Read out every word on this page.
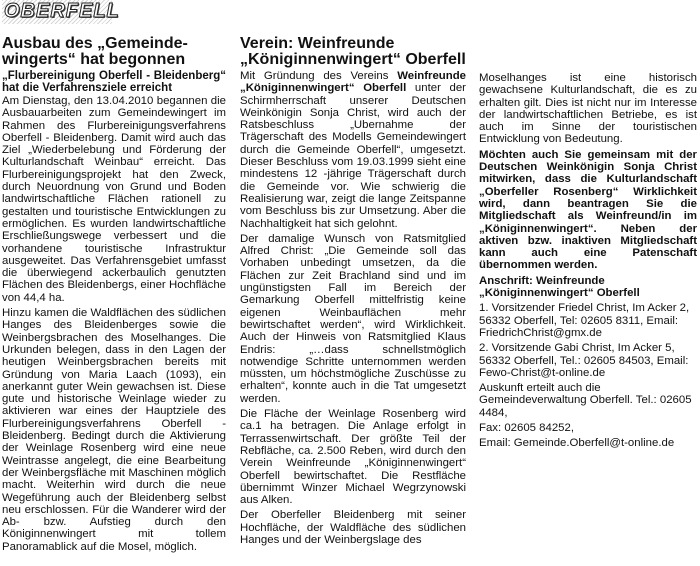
OBERFELL
Ausbau des „Gemeinde-wingerts“ hat begonnen
„Flurbereinigung Oberfell - Bleidenberg“ hat die Verfahrensziele erreicht

Am Dienstag, den 13.04.2010 begannen die Ausbauarbeiten zum Gemeindewingert im Rahmen des Flurbereinigungsverfahrens Oberfell - Bleidenberg. Damit wird auch das Ziel „Wiederbelebung und Förderung der Kulturlandschaft Weinbau“ erreicht. Das Flurbereinigungsprojekt hat den Zweck, durch Neuordnung von Grund und Boden landwirtschaftliche Flächen rationell zu gestalten und touristische Entwicklungen zu ermöglichen. Es wurden landwirtschaftliche Erschließungswege verbessert und die vorhandene touristische Infrastruktur ausgeweitet. Das Verfahrensgebiet umfasst die überwiegend ackerbaulich genutzten Flächen des Bleidenbergs, einer Hochfläche von 44,4 ha.

Hinzu kamen die Waldflächen des südlichen Hanges des Bleidenberges sowie die Weinbergsbrachen des Moselhanges. Die Urkunden belegen, dass in den Lagen der heutigen Weinbergsbrachen bereits mit Gründung von Maria Laach (1093), ein anerkannt guter Wein gewachsen ist. Diese gute und historische Weinlage wieder zu aktivieren war eines der Hauptziele des Flurbereinigungsverfahrens Oberfell - Bleidenberg. Bedingt durch die Aktivierung der Weinlage Rosenberg wird eine neue Weintrasse angelegt, die eine Bearbeitung der Weinbergsfläche mit Maschinen möglich macht. Weiterhin wird durch die neue Wegeführung auch der Bleidenberg selbst neu erschlossen. Für die Wanderer wird der Ab- bzw. Aufstieg durch den Königinnenwingert mit tollem Panoramablick auf die Mosel, möglich.

Verein: Weinfreunde „Königinnenwingert“ Oberfell

Mit Gründung des Vereins Weinfreunde „Königinnenwingert“ Oberfell unter der Schirmherrschaft unserer Deutschen Weinkönigin Sonja Christ, wird auch der Ratsbeschluss „Ubernahme der Trägerschaft des Modells Gemeindewingert durch die Gemeinde Oberfell“, umgesetzt. Dieser Beschluss vom 19.03.1999 sieht eine mindestens 12 -jährige Trägerschaft durch die Gemeinde vor. Wie schwierig die Realisierung war, zeigt die lange Zeitspanne vom Beschluss bis zur Umsetzung. Aber die Nachhaltigkeit hat sich gelohnt.

Der damalige Wunsch von Ratsmitglied Alfred Christ: „Die Gemeinde soll das Vorhaben unbedingt umsetzen, da die Flächen zur Zeit Brachland sind und im ungünstigsten Fall im Bereich der Gemarkung Oberfell mittelfristig keine eigenen Weinbauflächen mehr bewirtschaftet werden“, wird Wirklichkeit. Auch der Hinweis von Ratsmitglied Klaus Endris: „…dass schnellstmöglich notwendige Schritte unternommen werden müssten, um höchstmögliche Zuschüsse zu erhalten“, konnte auch in die Tat umgesetzt werden.

Die Fläche der Weinlage Rosenberg wird ca.1 ha betragen. Die Anlage erfolgt in Terrassenwirtschaft. Der größte Teil der Rebfläche, ca. 2.500 Reben, wird durch den Verein Weinfreunde „Königinnenwingert“ Oberfell bewirtschaftet. Die Restfläche übernimmt Winzer Michael Wegrzynowski aus Alken.

Der Oberfeller Bleidenberg mit seiner Hochfläche, der Waldfläche des südlichen Hanges und der Weinbergslage des

Moselhanges ist eine historisch gewachsene Kulturlandschaft, die es zu erhalten gilt. Dies ist nicht nur im Interesse der landwirtschaftlichen Betriebe, es ist auch im Sinne der touristischen Entwicklung von Bedeutung.

Möchten auch Sie gemeinsam mit der Deutschen Weinkönigin Sonja Christ mitwirken, dass die Kulturlandschaft „Oberfeller Rosenberg“ Wirklichkeit wird, dann beantragen Sie die Mitgliedschaft als Weinfreund/in im „Königinnenwingert“. Neben der aktiven bzw. inaktiven Mitgliedschaft kann auch eine Patenschaft übernommen werden.

Anschrift: Weinfreunde „Königinnenwingert“ Oberfell

1. Vorsitzender Friedel Christ, Im Acker 2, 56332 Oberfell, Tel: 02605 8311, Email: FriedrichChrist@gmx.de

2. Vorsitzende Gabi Christ, Im Acker 5, 56332 Oberfell, Tel.: 02605 84503, Email: Fewo-Christ@t-online.de

Auskunft erteilt auch die Gemeindeverwaltung Oberfell. Tel.: 02605 4484,

Fax: 02605 84252,

Email: Gemeinde.Oberfell@t-online.de
